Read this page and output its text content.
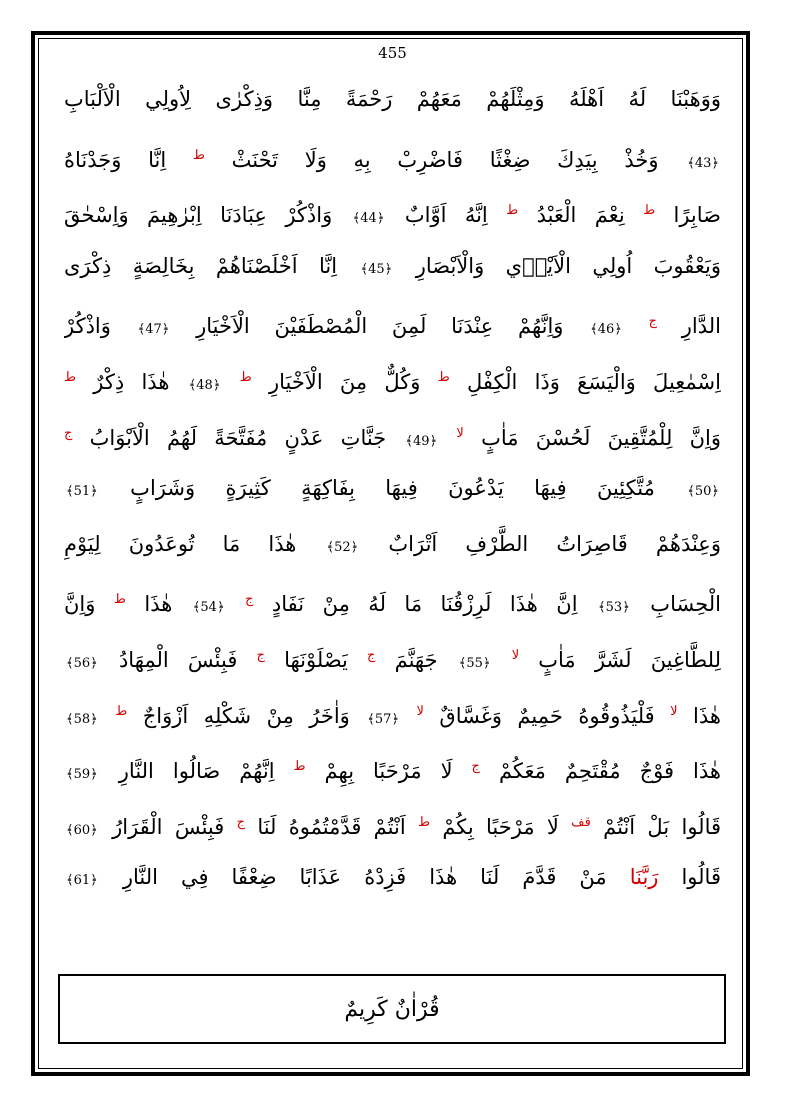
455
وَوَهَبْنَا لَهُ اَهْلَهُ وَمِثْلَهُمْ مَعَهُمْ رَحْمَةً مِنَّا وَذِكْرٰى لِاُولِي الْاَلْبَابِ
﴿43﴾ وَخُذْ بِيَدِكَ ضِغْثًا فَاضْرِبْ بِهِ وَلَا تَحْنَثْ $^ط$ اِنَّا وَجَدْنَاهُ
صَابِرًا $^ط$ نِعْمَ الْعَبْدُ $^ط$ اِنَّهُ اَوَّابٌ ﴿44﴾ وَاذْكُرْ عِبَادَنَا اِبْرٰهِيمَ وَاِسْحٰقَ
وَيَعْقُوبَ اُولِي الْاَيْدٖي وَالْاَبْصَارِ ﴿45﴾ اِنَّا اَخْلَصْنَاهُمْ بِخَالِصَةٍ ذِكْرَى
الدَّارِ $^ج$ ﴿46﴾ وَاِنَّهُمْ عِنْدَنَا لَمِنَ الْمُصْطَفَيْنَ الْاَخْيَارِ ﴿47﴾ وَاذْكُرْ
اِسْمٰعِيلَ وَالْيَسَعَ وَذَا الْكِفْلِ $^ط$ وَكُلٌّ مِنَ الْاَخْيَارِ $^ط$ ﴿48﴾ هٰذَا ذِكْرٌ $^ط$
وَاِنَّ لِلْمُتَّقِينَ لَحُسْنَ مَاٰبٍ $^{لا}$ ﴿49﴾ جَنَّاتِ عَدْنٍ مُفَتَّحَةً لَهُمُ الْاَبْوَابُ $^ج$
﴿50﴾ مُتَّكِئِينَ فِيهَا يَدْعُونَ فِيهَا بِفَاكِهَةٍ كَثِيرَةٍ وَشَرَابٍ ﴿51﴾
وَعِنْدَهُمْ قَاصِرَاتُ الطَّرْفِ اَتْرَابٌ ﴿52﴾ هٰذَا مَا تُوعَدُونَ لِيَوْمِ
الْحِسَابِ ﴿53﴾ اِنَّ هٰذَا لَرِزْقُنَا مَا لَهُ مِنْ نَفَادٍ $^ج$ ﴿54﴾ هٰذَا $^ط$ وَاِنَّ
لِلطَّاغِينَ لَشَرَّ مَاٰبٍ $^{لا}$ ﴿55﴾ جَهَنَّمَ $^ج$ يَصْلَوْنَهَا $^ج$ فَبِئْسَ الْمِهَادُ ﴿56﴾
هٰذَا $^{لا}$ فَلْيَذُوقُوهُ حَمِيمٌ وَغَسَّاقٌ $^{لا}$ ﴿57﴾ وَاٰخَرُ مِنْ شَكْلِهِ اَزْوَاجٌ $^ط$ ﴿58﴾
هٰذَا فَوْجٌ مُقْتَحِمٌ مَعَكُمْ $^ج$ لَا مَرْحَبًا بِهِمْ $^ط$ اِنَّهُمْ صَالُوا النَّارِ ﴿59﴾
قَالُوا بَلْ اَنْتُمْ $^{قف}$ لَا مَرْحَبًا بِكُمْ $^ط$ اَنْتُمْ قَدَّمْتُمُوهُ لَنَا $^ج$ فَبِئْسَ الْقَرَارُ ﴿60﴾
قَالُوا رَبَّنَا مَنْ قَدَّمَ لَنَا هٰذَا فَزِدْهُ عَذَابًا ضِعْفًا فِي النَّارِ ﴿61﴾
قُرْاٰنٌ كَرِيمٌ
